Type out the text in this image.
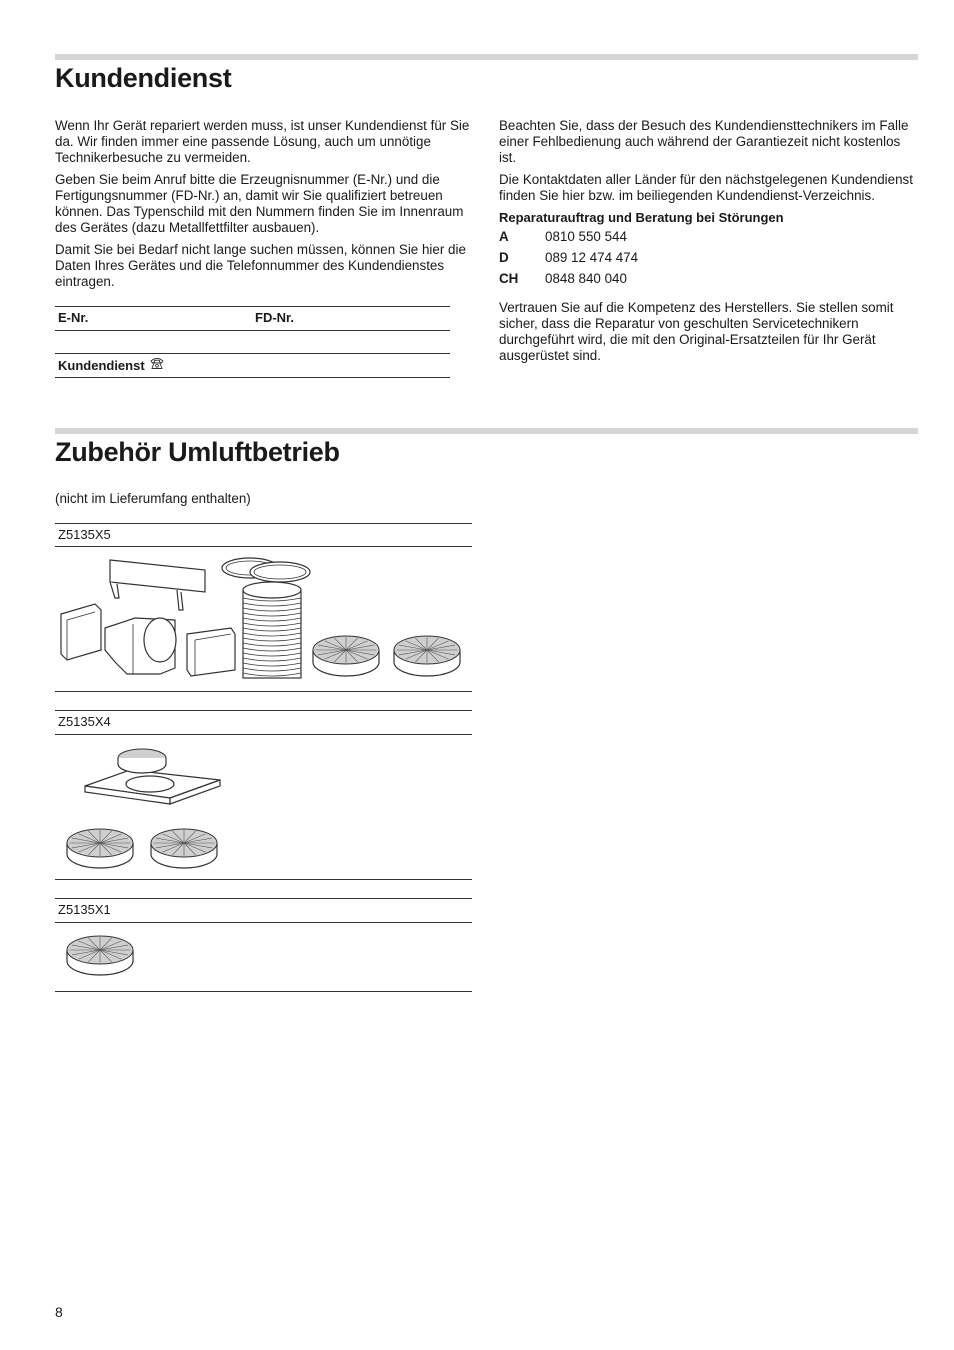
Kundendienst

Wenn Ihr Gerät repariert werden muss, ist unser Kundendienst für Sie da. Wir finden immer eine passende Lösung, auch um unnötige Technikerbesuche zu vermeiden.

Geben Sie beim Anruf bitte die Erzeugnisnummer (E-Nr.) und die Fertigungsnummer (FD-Nr.) an, damit wir Sie qualifiziert betreuen können. Das Typenschild mit den Nummern finden Sie im Innenraum des Gerätes (dazu Metallfettfilter ausbauen).

Damit Sie bei Bedarf nicht lange suchen müssen, können Sie hier die Daten Ihres Gerätes und die Telefonnummer des Kundendienstes eintragen.

E-Nr.	FD-Nr.
Kundendienst

Beachten Sie, dass der Besuch des Kundendiensttechnikers im Falle einer Fehlbedienung auch während der Garantiezeit nicht kostenlos ist.

Die Kontaktdaten aller Länder für den nächstgelegenen Kundendienst finden Sie hier bzw. im beiliegenden Kundendienst-Verzeichnis.

Reparaturauftrag und Beratung bei Störungen

A	0810 550 544
D	089 12 474 474
CH	0848 840 040

Vertrauen Sie auf die Kompetenz des Herstellers. Sie stellen somit sicher, dass die Reparatur von geschulten Servicetechnikern durchgeführt wird, die mit den Original-Ersatzteilen für Ihr Gerät ausgerüstet sind.

Zubehör Umluftbetrieb

(nicht im Lieferumfang enthalten)

Z5135X5
Z5135X4
Z5135X1
8
